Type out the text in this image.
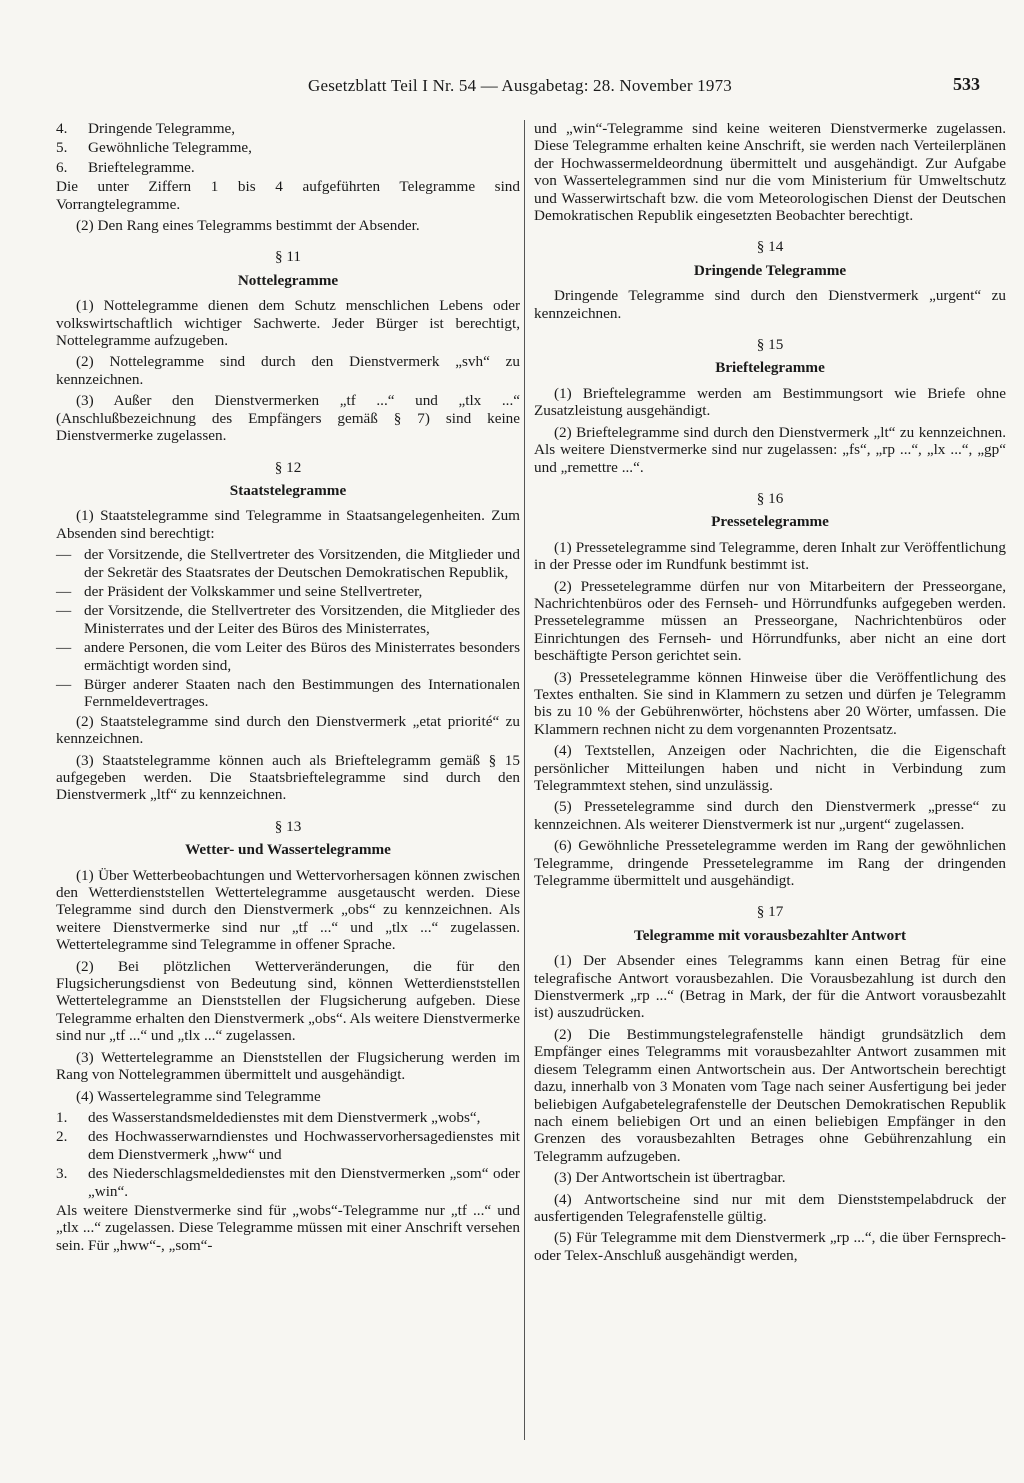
Gesetzblatt Teil I Nr. 54 — Ausgabetag: 28. November 1973	533
4.	Dringende Telegramme,
5.	Gewöhnliche Telegramme,
6.	Brieftelegramme.

Die unter Ziffern 1 bis 4 aufgeführten Telegramme sind Vorrangtelegramme.

(2) Den Rang eines Telegramms bestimmt der Absender.

§ 11
Nottelegramme

(1) Nottelegramme dienen dem Schutz menschlichen Lebens oder volkswirtschaftlich wichtiger Sachwerte. Jeder Bürger ist berechtigt, Nottelegramme aufzugeben.

(2) Nottelegramme sind durch den Dienstvermerk „svh“ zu kennzeichnen.

(3) Außer den Dienstvermerken „tf ...“ und „tlx ...“ (Anschlußbezeichnung des Empfängers gemäß § 7) sind keine Dienstvermerke zugelassen.

§ 12
Staatstelegramme

(1) Staatstelegramme sind Telegramme in Staatsangelegenheiten. Zum Absenden sind berechtigt:

— der Vorsitzende, die Stellvertreter des Vorsitzenden, die Mitglieder und der Sekretär des Staatsrates der Deutschen Demokratischen Republik,
— der Präsident der Volkskammer und seine Stellvertreter,
— der Vorsitzende, die Stellvertreter des Vorsitzenden, die Mitglieder des Ministerrates und der Leiter des Büros des Ministerrates,
— andere Personen, die vom Leiter des Büros des Ministerrates besonders ermächtigt worden sind,
— Bürger anderer Staaten nach den Bestimmungen des Internationalen Fernmeldevertrages.

(2) Staatstelegramme sind durch den Dienstvermerk „etat priorité“ zu kennzeichnen.

(3) Staatstelegramme können auch als Brieftelegramm gemäß § 15 aufgegeben werden. Die Staatsbrieftelegramme sind durch den Dienstvermerk „ltf“ zu kennzeichnen.

§ 13
Wetter- und Wassertelegramme

(1) Über Wetterbeobachtungen und Wettervorhersagen können zwischen den Wetterdienststellen Wettertelegramme ausgetauscht werden. Diese Telegramme sind durch den Dienstvermerk „obs“ zu kennzeichnen. Als weitere Dienstvermerke sind nur „tf ...“ und „tlx ...“ zugelassen. Wettertelegramme sind Telegramme in offener Sprache.

(2) Bei plötzlichen Wetterveränderungen, die für den Flugsicherungsdienst von Bedeutung sind, können Wetterdienststellen Wettertelegramme an Dienststellen der Flugsicherung aufgeben. Diese Telegramme erhalten den Dienstvermerk „obs“. Als weitere Dienstvermerke sind nur „tf ...“ und „tlx ...“ zugelassen.

(3) Wettertelegramme an Dienststellen der Flugsicherung werden im Rang von Nottelegrammen übermittelt und ausgehändigt.

(4) Wassertelegramme sind Telegramme

1.	des Wasserstandsmeldedienstes mit dem Dienstvermerk „wobs“,
2.	des Hochwasserwarndienstes und Hochwasservorhersagedienstes mit dem Dienstvermerk „hww“ und
3.	des Niederschlagsmeldedienstes mit den Dienstvermerken „som“ oder „win“.

Als weitere Dienstvermerke sind für „wobs“-Telegramme nur „tf ...“ und „tlx ...“ zugelassen. Diese Telegramme müssen mit einer Anschrift versehen sein. Für „hww“-, „som“-

und „win“-Telegramme sind keine weiteren Dienstvermerke zugelassen. Diese Telegramme erhalten keine Anschrift, sie werden nach Verteilerplänen der Hochwassermeldeordnung übermittelt und ausgehändigt. Zur Aufgabe von Wassertelegrammen sind nur die vom Ministerium für Umweltschutz und Wasserwirtschaft bzw. die vom Meteorologischen Dienst der Deutschen Demokratischen Republik eingesetzten Beobachter berechtigt.

§ 14
Dringende Telegramme

Dringende Telegramme sind durch den Dienstvermerk „urgent“ zu kennzeichnen.

§ 15
Brieftelegramme

(1) Brieftelegramme werden am Bestimmungsort wie Briefe ohne Zusatzleistung ausgehändigt.

(2) Brieftelegramme sind durch den Dienstvermerk „lt“ zu kennzeichnen. Als weitere Dienstvermerke sind nur zugelassen: „fs“, „rp ...“, „lx ...“, „gp“ und „remettre ...“.

§ 16
Pressetelegramme

(1) Pressetelegramme sind Telegramme, deren Inhalt zur Veröffentlichung in der Presse oder im Rundfunk bestimmt ist.

(2) Pressetelegramme dürfen nur von Mitarbeitern der Presseorgane, Nachrichtenbüros oder des Fernseh- und Hörrundfunks aufgegeben werden. Pressetelegramme müssen an Presseorgane, Nachrichtenbüros oder Einrichtungen des Fernseh- und Hörrundfunks, aber nicht an eine dort beschäftigte Person gerichtet sein.

(3) Pressetelegramme können Hinweise über die Veröffentlichung des Textes enthalten. Sie sind in Klammern zu setzen und dürfen je Telegramm bis zu 10 % der Gebührenwörter, höchstens aber 20 Wörter, umfassen. Die Klammern rechnen nicht zu dem vorgenannten Prozentsatz.

(4) Textstellen, Anzeigen oder Nachrichten, die die Eigenschaft persönlicher Mitteilungen haben und nicht in Verbindung zum Telegrammtext stehen, sind unzulässig.

(5) Pressetelegramme sind durch den Dienstvermerk „presse“ zu kennzeichnen. Als weiterer Dienstvermerk ist nur „urgent“ zugelassen.

(6) Gewöhnliche Pressetelegramme werden im Rang der gewöhnlichen Telegramme, dringende Pressetelegramme im Rang der dringenden Telegramme übermittelt und ausgehändigt.

§ 17
Telegramme mit vorausbezahlter Antwort

(1) Der Absender eines Telegramms kann einen Betrag für eine telegrafische Antwort vorausbezahlen. Die Vorausbezahlung ist durch den Dienstvermerk „rp ...“ (Betrag in Mark, der für die Antwort vorausbezahlt ist) auszudrücken.

(2) Die Bestimmungstelegrafenstelle händigt grundsätzlich dem Empfänger eines Telegramms mit vorausbezahlter Antwort zusammen mit diesem Telegramm einen Antwortschein aus. Der Antwortschein berechtigt dazu, innerhalb von 3 Monaten vom Tage nach seiner Ausfertigung bei jeder beliebigen Aufgabetelegrafenstelle der Deutschen Demokratischen Republik nach einem beliebigen Ort und an einen beliebigen Empfänger in den Grenzen des vorausbezahlten Betrages ohne Gebührenzahlung ein Telegramm aufzugeben.

(3) Der Antwortschein ist übertragbar.

(4) Antwortscheine sind nur mit dem Dienststempelabdruck der ausfertigenden Telegrafenstelle gültig.

(5) Für Telegramme mit dem Dienstvermerk „rp ...“, die über Fernsprech- oder Telex-Anschluß ausgehändigt werden,
